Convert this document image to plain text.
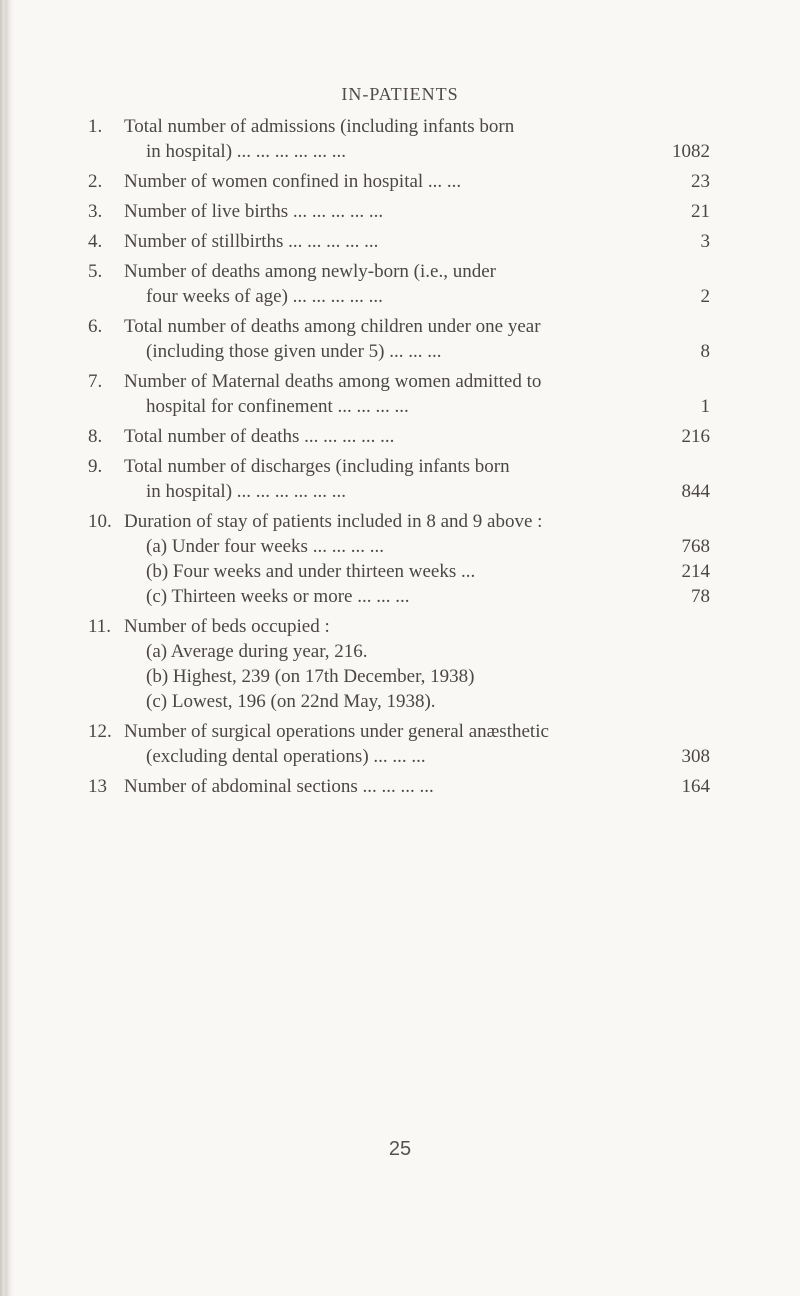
IN-PATIENTS
1.	Total number of admissions (including infants born
in hospital) ... ... ... ... ... ...	1082
2.	Number of women confined in hospital ... ...	23
3.	Number of live births ... ... ... ... ...	21
4.	Number of stillbirths ... ... ... ... ...	3
5.	Number of deaths among newly-born (i.e., under
four weeks of age) ... ... ... ... ...	2
6.	Total number of deaths among children under one year
(including those given under 5) ... ... ...	8
7.	Number of Maternal deaths among women admitted to
hospital for confinement ... ... ... ...	1
8.	Total number of deaths ... ... ... ... ...	216
9.	Total number of discharges (including infants born
in hospital) ... ... ... ... ... ...	844
10. Duration of stay of patients included in 8 and 9 above :
(a) Under four weeks ... ... ... ...	768
(b) Four weeks and under thirteen weeks ...	214
(c) Thirteen weeks or more ... ... ...	78
11. Number of beds occupied :
(a) Average during year, 216.
(b) Highest, 239 (on 17th December, 1938)
(c) Lowest, 196 (on 22nd May, 1938).
12. Number of surgical operations under general anæsthetic
(excluding dental operations) ... ... ...	308
13 Number of abdominal sections ... ... ... ...	164
25
